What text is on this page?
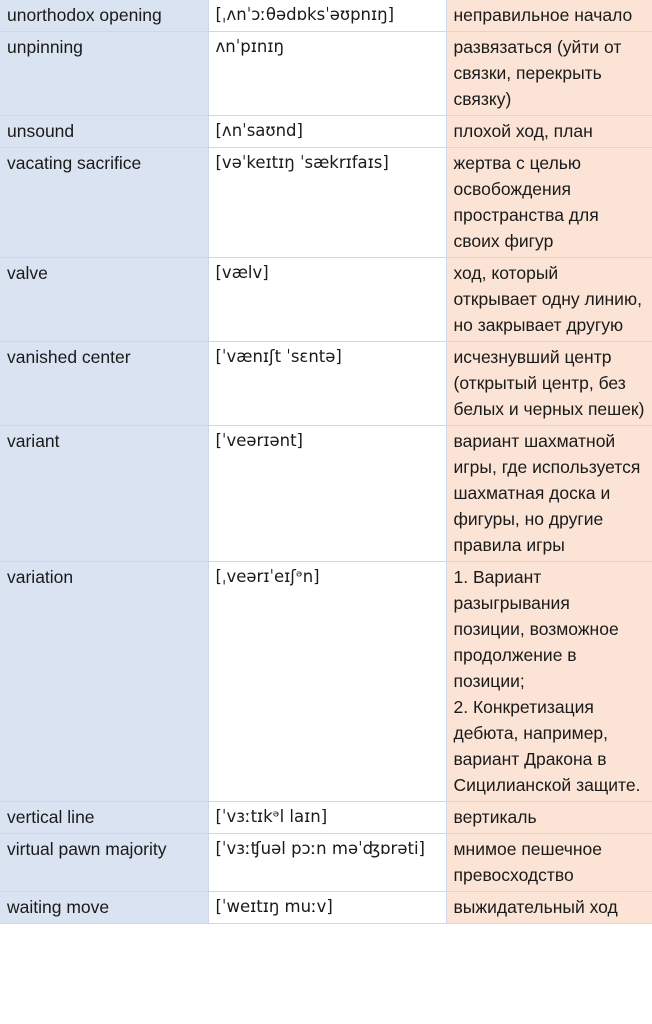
unorthodox opening	[ˌʌnˈɔːθədɒksˈəʊpnɪŋ]	неправильное начало

unpinning	ʌnˈpɪnɪŋ	развязаться (уйти от связки, перекрыть связку)

unsound	[ʌnˈsaʊnd]	плохой ход, план

vacating sacrifice	[vəˈkeɪtɪŋ ˈsækrɪfaɪs]	жертва с целью освобождения пространства для своих фигур

valve	[vælv]	ход, который открывает одну линию, но закрывает другую

vanished center	[ˈvænɪʃt ˈsɛntə]	исчезнувший центр (открытый центр, без белых и черных пешек)

variant	[ˈveərɪənt]	вариант шахматной игры, где используется шахматная доска и фигуры, но другие правила игры

variation	[ˌveərɪˈeɪʃᵊn]	1. Вариант разыгрывания позиции, возможное продолжение в позиции;
2. Конкретизация дебюта, например, вариант Дракона в Сицилианской защите.

vertical line	[ˈvɜːtɪkᵊl laɪn]	вертикаль

virtual pawn majority	[ˈvɜːʧuəl pɔːn məˈʤɒrəti]	мнимое пешечное превосходство

waiting move	[ˈweɪtɪŋ muːv]	выжидательный ход
